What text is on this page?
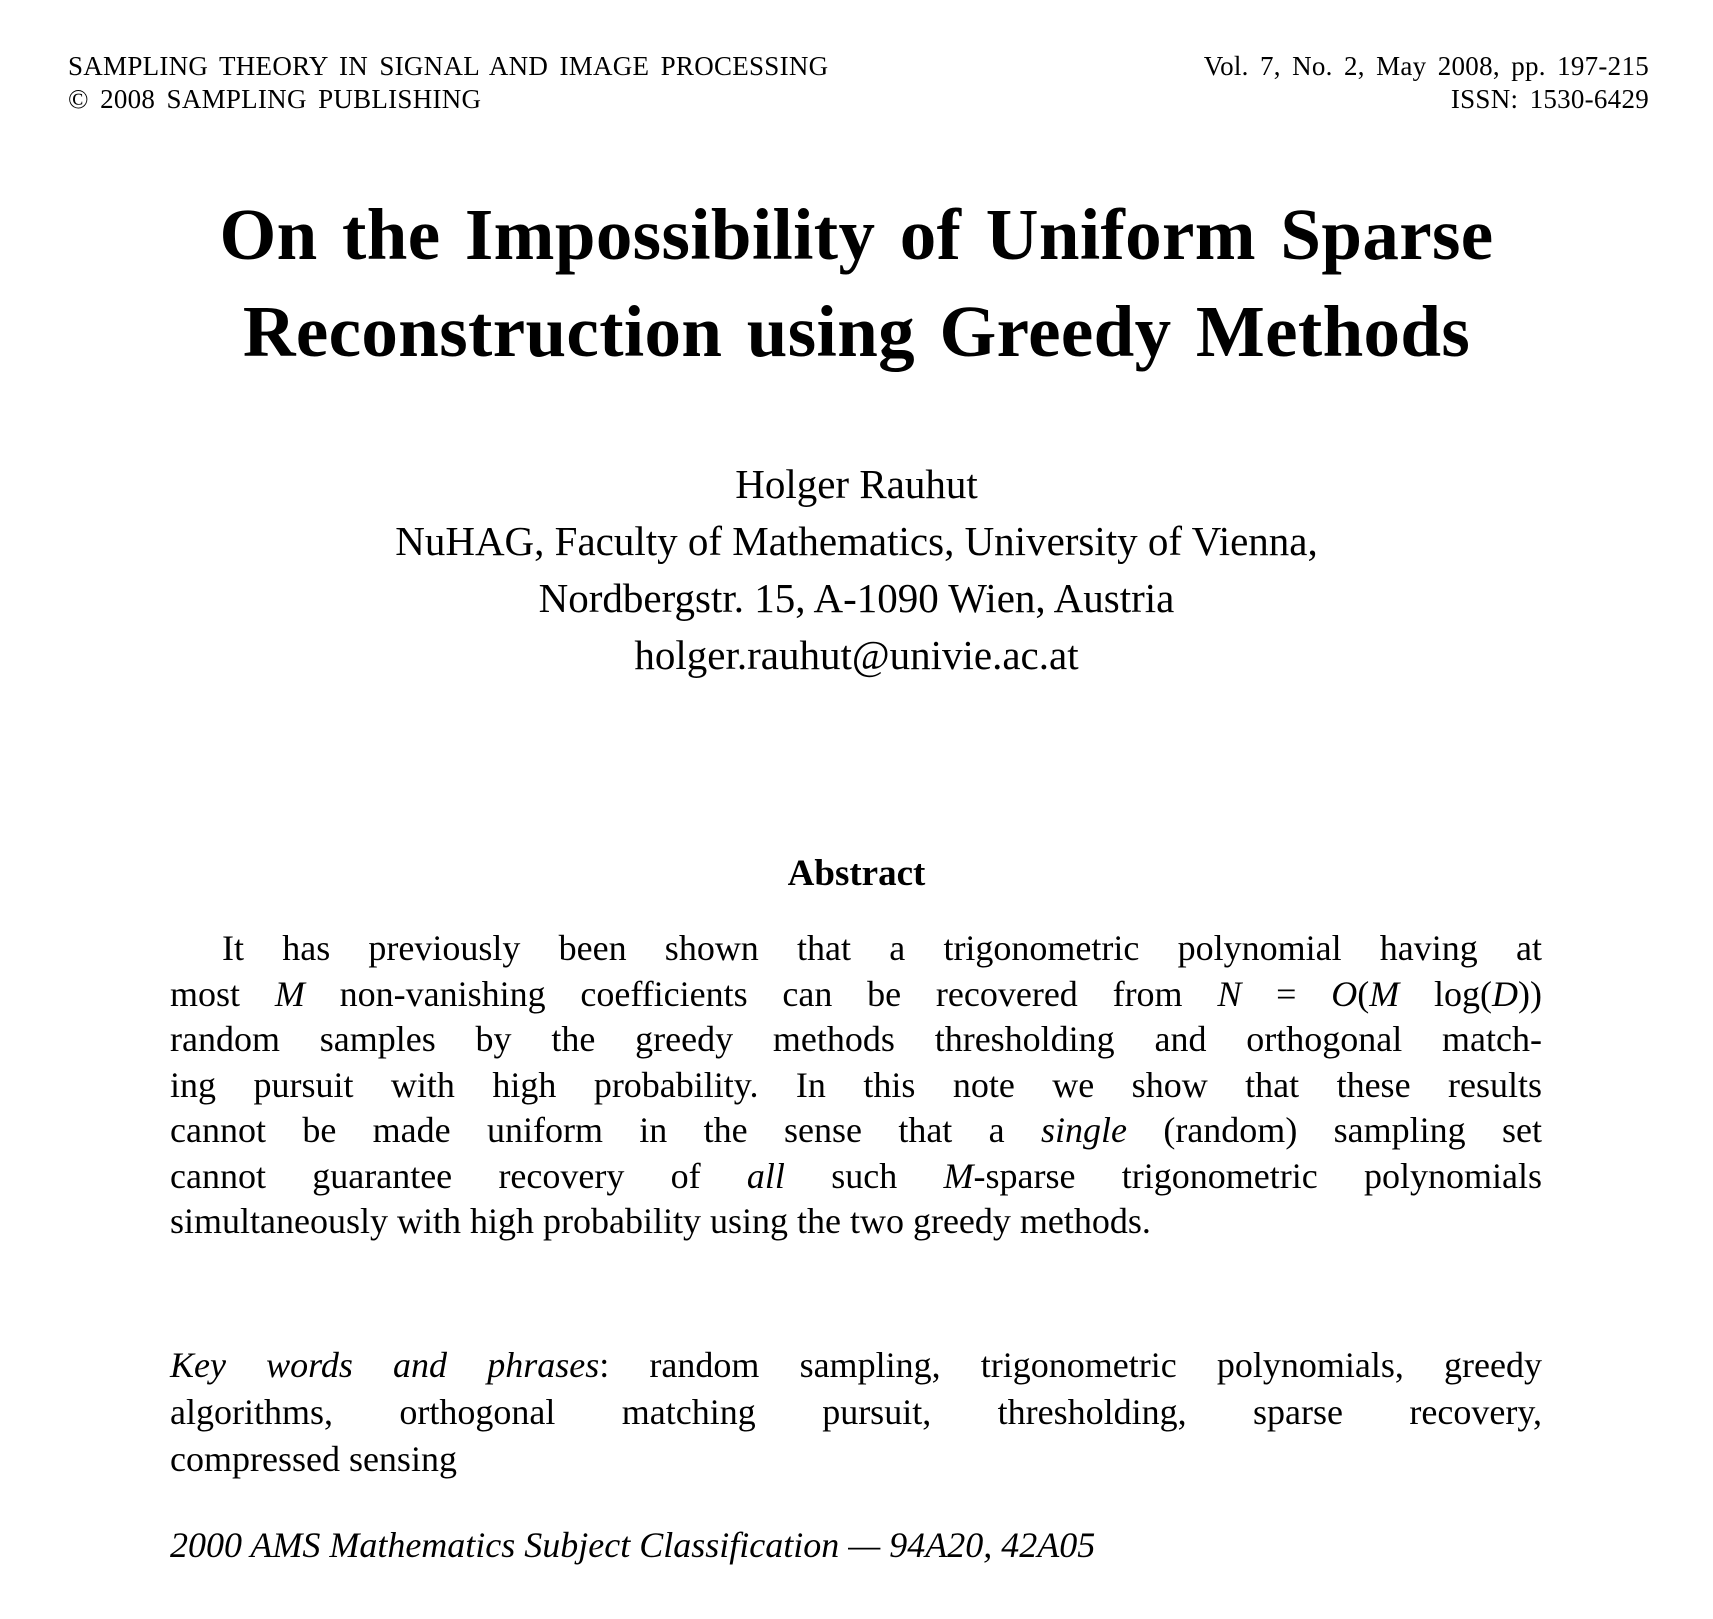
SAMPLING THEORY IN SIGNAL AND IMAGE PROCESSING
© 2008 SAMPLING PUBLISHING
Vol. 7, No. 2, May 2008, pp. 197-215
ISSN: 1530-6429
On the Impossibility of Uniform Sparse
Reconstruction using Greedy Methods
Holger Rauhut
NuHAG, Faculty of Mathematics, University of Vienna,
Nordbergstr. 15, A-1090 Wien, Austria
holger.rauhut@univie.ac.at
Abstract
It has previously been shown that a trigonometric polynomial having at
most M non-vanishing coefficients can be recovered from N = O(M log(D))
random samples by the greedy methods thresholding and orthogonal match-
ing pursuit with high probability. In this note we show that these results
cannot be made uniform in the sense that a single (random) sampling set
cannot guarantee recovery of all such M-sparse trigonometric polynomials
simultaneously with high probability using the two greedy methods.
Key words and phrases: random sampling, trigonometric polynomials, greedy
algorithms, orthogonal matching pursuit, thresholding, sparse recovery,
compressed sensing
2000 AMS Mathematics Subject Classification — 94A20, 42A05
